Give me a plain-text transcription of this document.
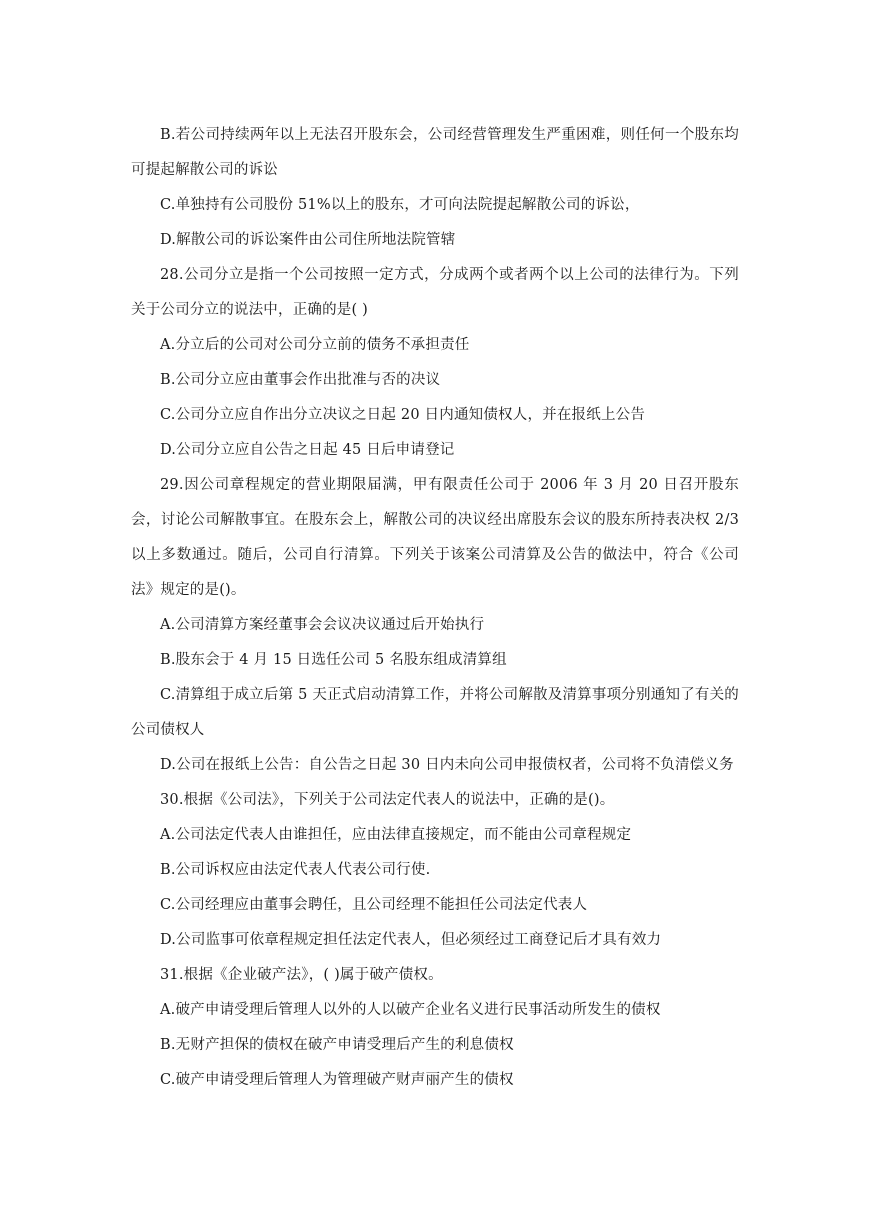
B.若公司持续两年以上无法召开股东会，公司经营管理发生严重困难，则任何一个股东均可提起解散公司的诉讼

C.单独持有公司股份 51%以上的股东，才可向法院提起解散公司的诉讼，

D.解散公司的诉讼案件由公司住所地法院管辖

28.公司分立是指一个公司按照一定方式，分成两个或者两个以上公司的法律行为。下列关于公司分立的说法中，正确的是( )

A.分立后的公司对公司分立前的债务不承担责任

B.公司分立应由董事会作出批准与否的决议

C.公司分立应自作出分立决议之日起 20 日内通知债权人，并在报纸上公告

D.公司分立应自公告之日起 45 日后申请登记

29.因公司章程规定的营业期限届满，甲有限责任公司于 2006 年 3 月 20 日召开股东会，讨论公司解散事宜。在股东会上，解散公司的决议经出席股东会议的股东所持表决权 2/3 以上多数通过。随后，公司自行清算。下列关于该案公司清算及公告的做法中，符合《公司法》规定的是()。

A.公司清算方案经董事会会议决议通过后开始执行

B.股东会于 4 月 15 日选任公司 5 名股东组成清算组

C.清算组于成立后第 5 天正式启动清算工作，并将公司解散及清算事项分别通知了有关的公司债权人

D.公司在报纸上公告：自公告之日起 30 日内未向公司申报债权者，公司将不负清偿义务

30.根据《公司法》，下列关于公司法定代表人的说法中，正确的是()。

A.公司法定代表人由谁担任，应由法律直接规定，而不能由公司章程规定

B.公司诉权应由法定代表人代表公司行使.

C.公司经理应由董事会聘任，且公司经理不能担任公司法定代表人

D.公司监事可依章程规定担任法定代表人，但必须经过工商登记后才具有效力

31.根据《企业破产法》，( )属于破产债权。

A.破产申请受理后管理人以外的人以破产企业名义进行民事活动所发生的债权

B.无财产担保的债权在破产申请受理后产生的利息债权

C.破产申请受理后管理人为管理破产财声丽产生的债权
